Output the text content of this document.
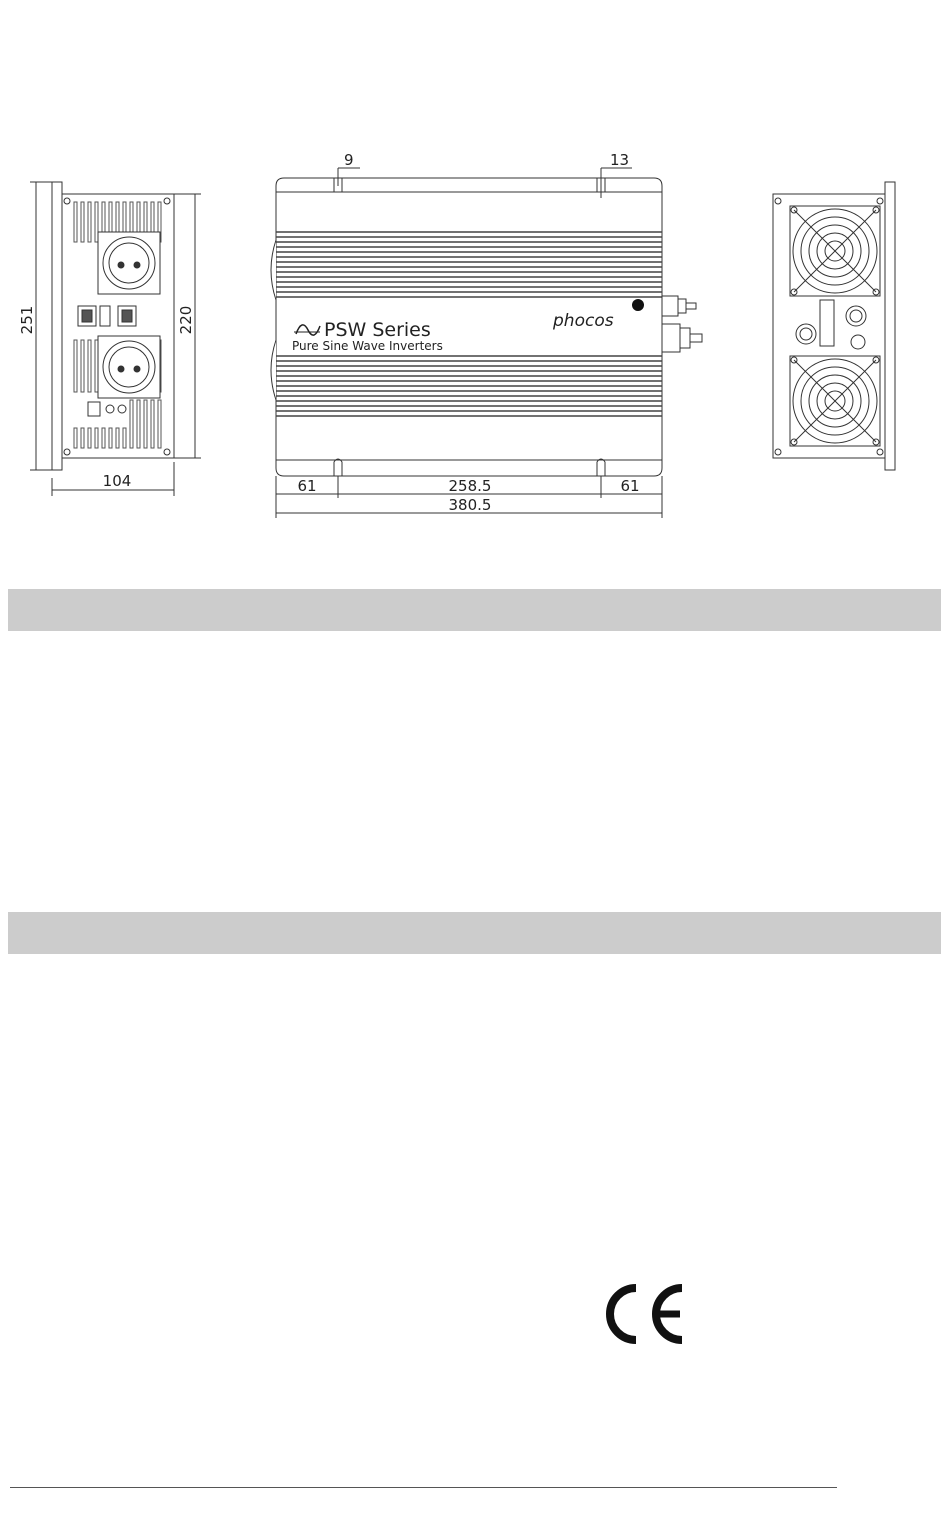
251	220
104
PSW Series
Pure Sine Wave Inverters
phocos
9	13
61	258.5	61
380.5
